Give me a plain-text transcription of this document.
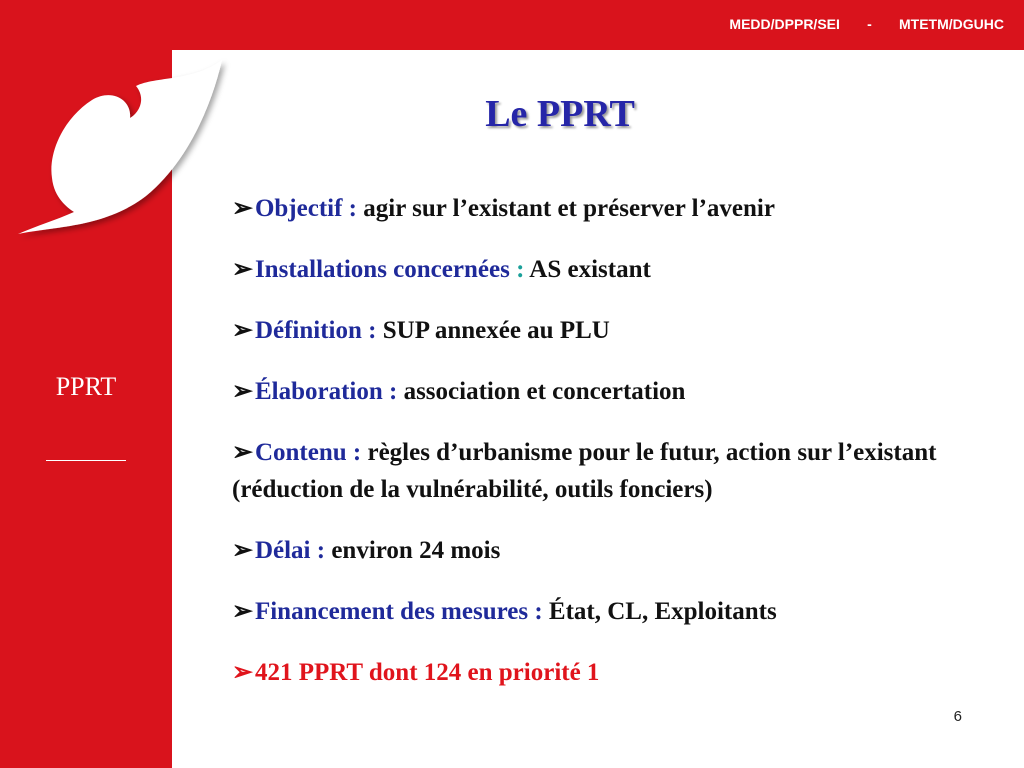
MEDD/DPPR/SEI       -       MTETM/DGUHC
PPRT
Le PPRT
➢Objectif : agir sur l’existant et préserver l’avenir
➢Installations concernées : AS existant
➢Définition : SUP annexée au PLU
➢Élaboration : association et concertation
➢Contenu : règles d’urbanisme pour le futur, action sur l’existant (réduction de la vulnérabilité, outils fonciers)
➢Délai : environ 24 mois
➢Financement des mesures : État, CL, Exploitants
➢421 PPRT dont 124 en priorité 1
6
